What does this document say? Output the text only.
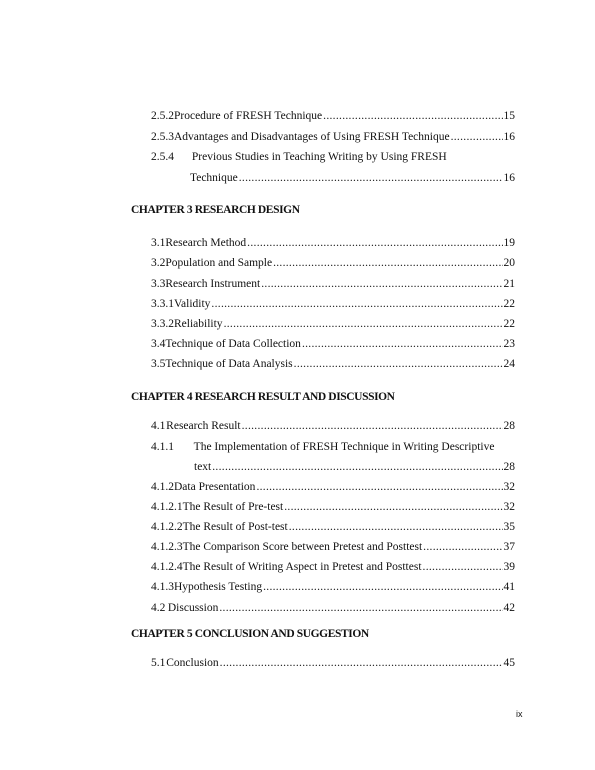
2.5.2 Procedure of FRESH Technique .....	15
2.5.3 Advantages and Disadvantages of Using FRESH Technique .....	16
2.5.4 Previous Studies in Teaching Writing by Using FRESH
Technique .....	16
CHAPTER 3 RESEARCH DESIGN
3.1 Research Method .....	19
3.2 Population and Sample .....	20
3.3 Research Instrument .....	21
3.3.1 Validity .....	22
3.3.2 Reliability .....	22
3.4 Technique of Data Collection .....	23
3.5 Technique of Data Analysis .....	24
CHAPTER 4 RESEARCH RESULT AND DISCUSSION
4.1 Research Result .....	28
4.1.1 The Implementation of FRESH Technique in Writing Descriptive
text .....	28
4.1.2 Data Presentation .....	32
4.1.2.1 The Result of Pre-test .....	32
4.1.2.2 The Result of Post-test .....	35
4.1.2.3 The Comparison Score between Pretest and Posttest .....	37
4.1.2.4 The Result of Writing Aspect in Pretest and Posttest .....	39
4.1.3 Hypothesis Testing .....	41
4.2 Discussion .....	42
CHAPTER 5 CONCLUSION AND SUGGESTION
5.1 Conclusion .....	45
ix
